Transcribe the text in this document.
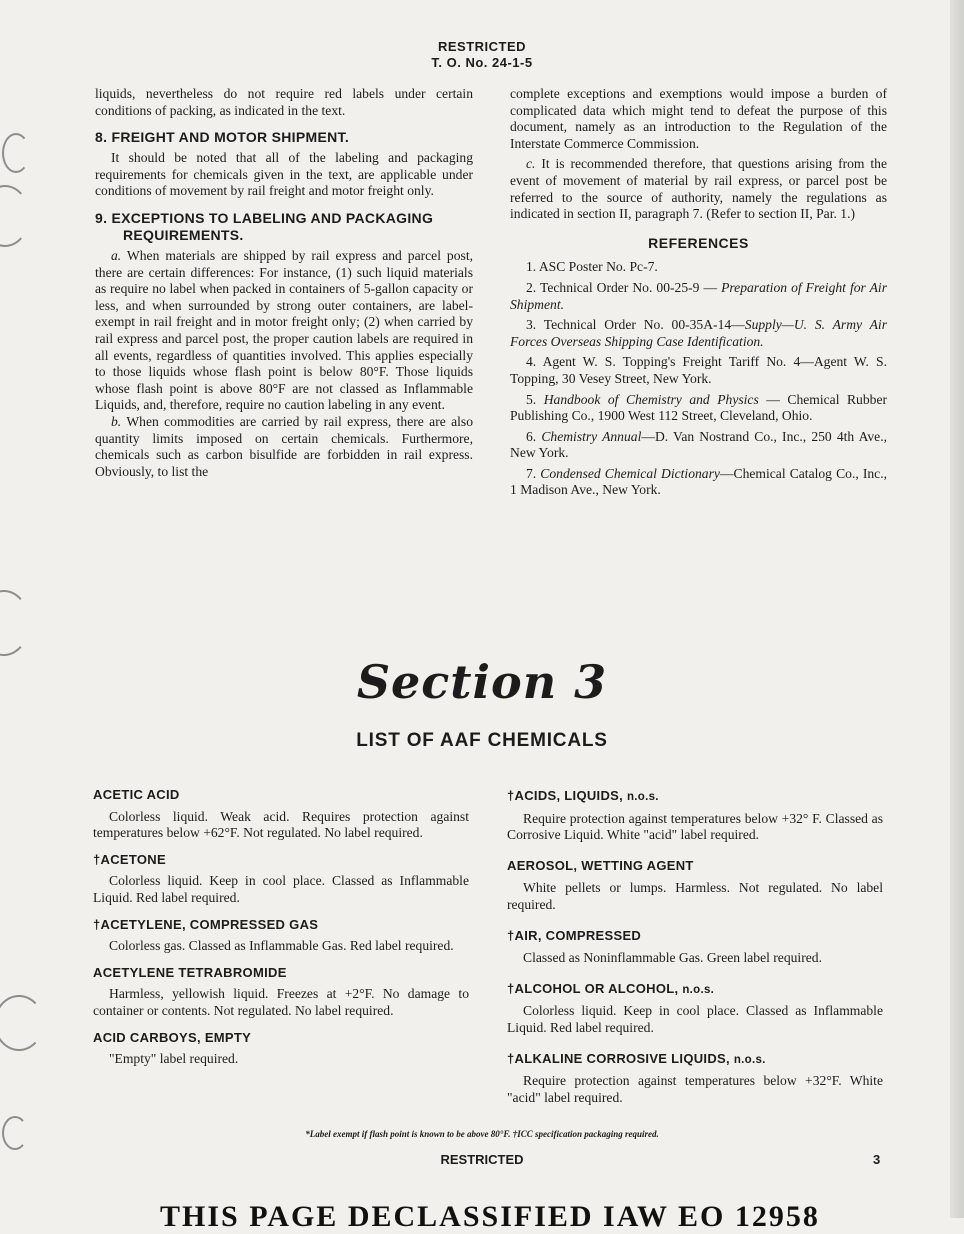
RESTRICTED
T. O. No. 24-1-5

liquids, nevertheless do not require red labels under certain conditions of packing, as indicated in the text.

8. FREIGHT AND MOTOR SHIPMENT.

It should be noted that all of the labeling and packaging requirements for chemicals given in the text, are applicable under conditions of movement by rail freight and motor freight only.

9. EXCEPTIONS TO LABELING AND PACKAGING
REQUIREMENTS.

a. When materials are shipped by rail express and parcel post, there are certain differences: For instance, (1) such liquid materials as require no label when packed in containers of 5-gallon capacity or less, and when surrounded by strong outer containers, are label-exempt in rail freight and in motor freight only; (2) when carried by rail express and parcel post, the proper caution labels are required in all events, regardless of quantities involved. This applies especially to those liquids whose flash point is below 80°F. Those liquids whose flash point is above 80°F are not classed as Inflammable Liquids, and, therefore, require no caution labeling in any event.

b. When commodities are carried by rail express, there are also quantity limits imposed on certain chemicals. Furthermore, chemicals such as carbon bisulfide are forbidden in rail express. Obviously, to list the

complete exceptions and exemptions would impose a burden of complicated data which might tend to defeat the purpose of this document, namely as an introduction to the Regulation of the Interstate Commerce Commission.

c. It is recommended therefore, that questions arising from the event of movement of material by rail express, or parcel post be referred to the source of authority, namely the regulations as indicated in section II, paragraph 7. (Refer to section II, Par. 1.)

REFERENCES

1. ASC Poster No. Pc-7.

2. Technical Order No. 00-25-9 — Preparation of Freight for Air Shipment.

3. Technical Order No. 00-35A-14—Supply—U. S. Army Air Forces Overseas Shipping Case Identification.

4. Agent W. S. Topping's Freight Tariff No. 4—Agent W. S. Topping, 30 Vesey Street, New York.

5. Handbook of Chemistry and Physics — Chemical Rubber Publishing Co., 1900 West 112 Street, Cleveland, Ohio.

6. Chemistry Annual—D. Van Nostrand Co., Inc., 250 4th Ave., New York.

7. Condensed Chemical Dictionary—Chemical Catalog Co., Inc., 1 Madison Ave., New York.

Section 3
LIST OF AAF CHEMICALS
ACETIC ACID

Colorless liquid. Weak acid. Requires protection against temperatures below +62°F. Not regulated. No label required.

†ACETONE

Colorless liquid. Keep in cool place. Classed as Inflammable Liquid. Red label required.

†ACETYLENE, COMPRESSED GAS

Colorless gas. Classed as Inflammable Gas. Red label required.

ACETYLENE TETRABROMIDE

Harmless, yellowish liquid. Freezes at +2°F. No damage to container or contents. Not regulated. No label required.

ACID CARBOYS, EMPTY

"Empty" label required.

†ACIDS, LIQUIDS, n.o.s.

Require protection against temperatures below +32° F. Classed as Corrosive Liquid. White "acid" label required.

AEROSOL, WETTING AGENT

White pellets or lumps. Harmless. Not regulated. No label required.

†AIR, COMPRESSED

Classed as Noninflammable Gas. Green label required.

†ALCOHOL OR ALCOHOL, n.o.s.

Colorless liquid. Keep in cool place. Classed as Inflammable Liquid. Red label required.

†ALKALINE CORROSIVE LIQUIDS, n.o.s.

Require protection against temperatures below +32°F. White "acid" label required.

*Label exempt if flash point is known to be above 80°F. †ICC specification packaging required.
RESTRICTED	3
THIS PAGE DECLASSIFIED IAW EO 12958
